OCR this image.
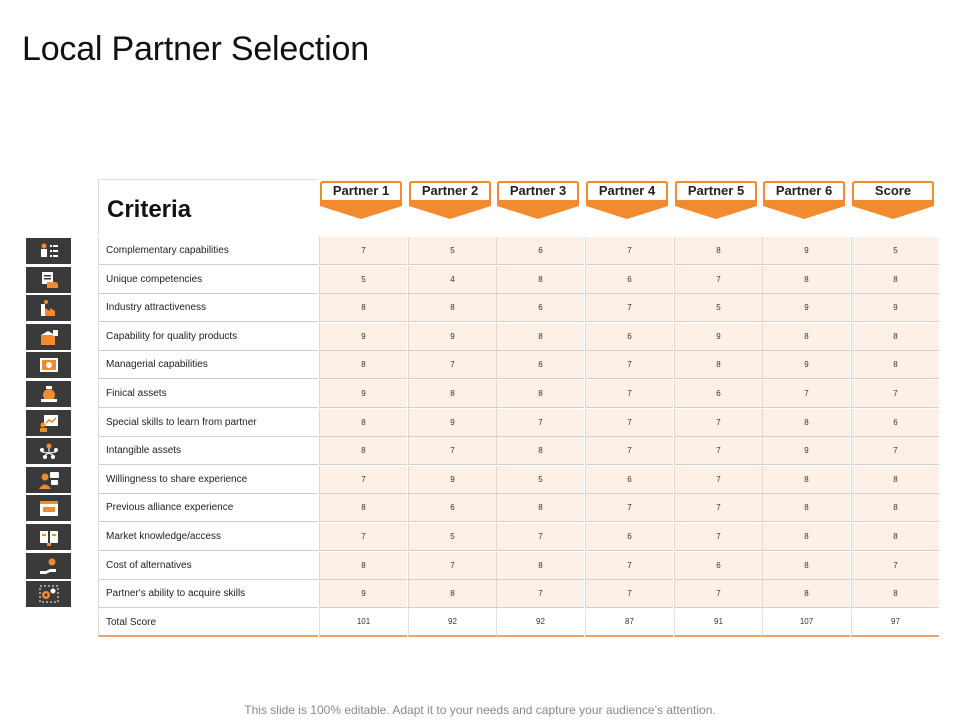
Local Partner Selection
Criteria
Partner 1	Partner 2	Partner 3	Partner 4	Partner 5	Partner 6	Score
Complementary capabilities	7	5	6	7	8	9	5
Unique competencies	5	4	8	6	7	8	8
Industry attractiveness	8	8	6	7	5	9	9
Capability for quality products	9	9	8	6	9	8	8
Managerial capabilities	8	7	6	7	8	9	8
Finical assets	9	8	8	7	6	7	7
Special skills to learn from partner	8	9	7	7	7	8	6
Intangible assets	8	7	8	7	7	9	7
Willingness to share experience	7	9	5	6	7	8	8
Previous alliance experience	8	6	8	7	7	8	8
Market knowledge/access	7	5	7	6	7	8	8
Cost of alternatives	8	7	8	7	6	8	7
Partner's ability to acquire skills	9	8	7	7	7	8	8
Total Score	101	92	92	87	91	107	97
This slide is 100% editable. Adapt it to your needs and capture your audience’s attention.
